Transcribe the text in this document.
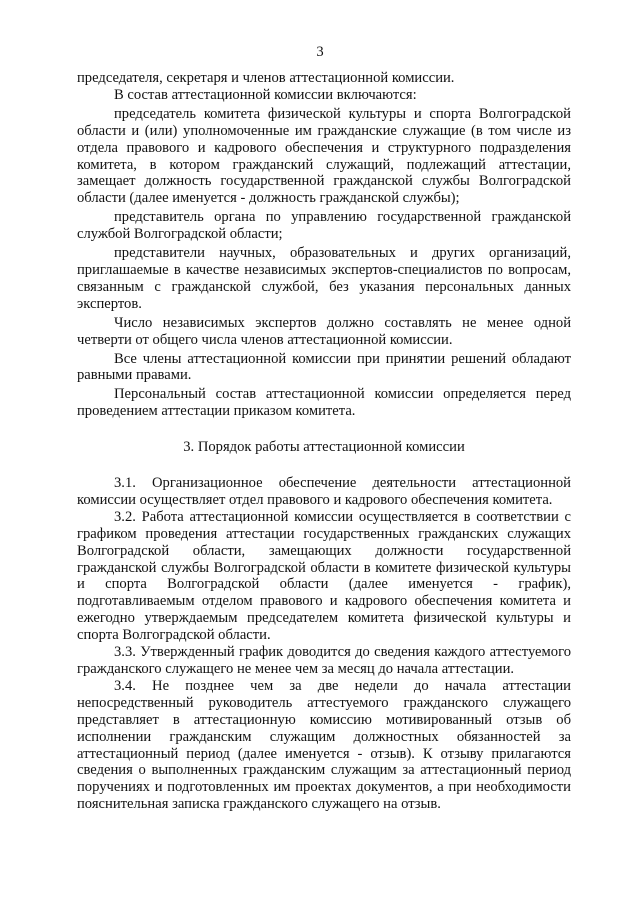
3

председателя, секретаря и членов аттестационной комиссии.

В состав аттестационной комиссии включаются:

председатель комитета физической культуры и спорта Волгоградской области и (или) уполномоченные им гражданские служащие (в том числе из отдела правового и кадрового обеспечения и структурного подразделения комитета, в котором гражданский служащий, подлежащий аттестации, замещает должность государственной гражданской службы Волгоградской области (далее именуется - должность гражданской службы);

представитель органа по управлению государственной гражданской службой Волгоградской области;

представители научных, образовательных и других организаций, приглашаемые в качестве независимых экспертов-специалистов по вопросам, связанным с гражданской службой, без указания персональных данных экспертов.

Число независимых экспертов должно составлять не менее одной четверти от общего числа членов аттестационной комиссии.

Все члены аттестационной комиссии при принятии решений обладают равными правами.

Персональный состав аттестационной комиссии определяется перед проведением аттестации приказом комитета.

3. Порядок работы аттестационной комиссии

3.1. Организационное обеспечение деятельности аттестационной комиссии осуществляет отдел правового и кадрового обеспечения комитета.

3.2. Работа аттестационной комиссии осуществляется в соответствии с графиком проведения аттестации государственных гражданских служащих Волгоградской области, замещающих должности государственной гражданской службы Волгоградской области в комитете физической культуры и спорта Волгоградской области (далее именуется - график), подготавливаемым отделом правового и кадрового обеспечения комитета и ежегодно утверждаемым председателем комитета физической культуры и спорта Волгоградской области.

3.3. Утвержденный график доводится до сведения каждого аттестуемого гражданского служащего не менее чем за месяц до начала аттестации.

3.4. Не позднее чем за две недели до начала аттестации непосредственный руководитель аттестуемого гражданского служащего представляет в аттестационную комиссию мотивированный отзыв об исполнении гражданским служащим должностных обязанностей за аттестационный период (далее именуется - отзыв). К отзыву прилагаются сведения о выполненных гражданским служащим за аттестационный период поручениях и подготовленных им проектах документов, а при необходимости пояснительная записка гражданского служащего на отзыв.
